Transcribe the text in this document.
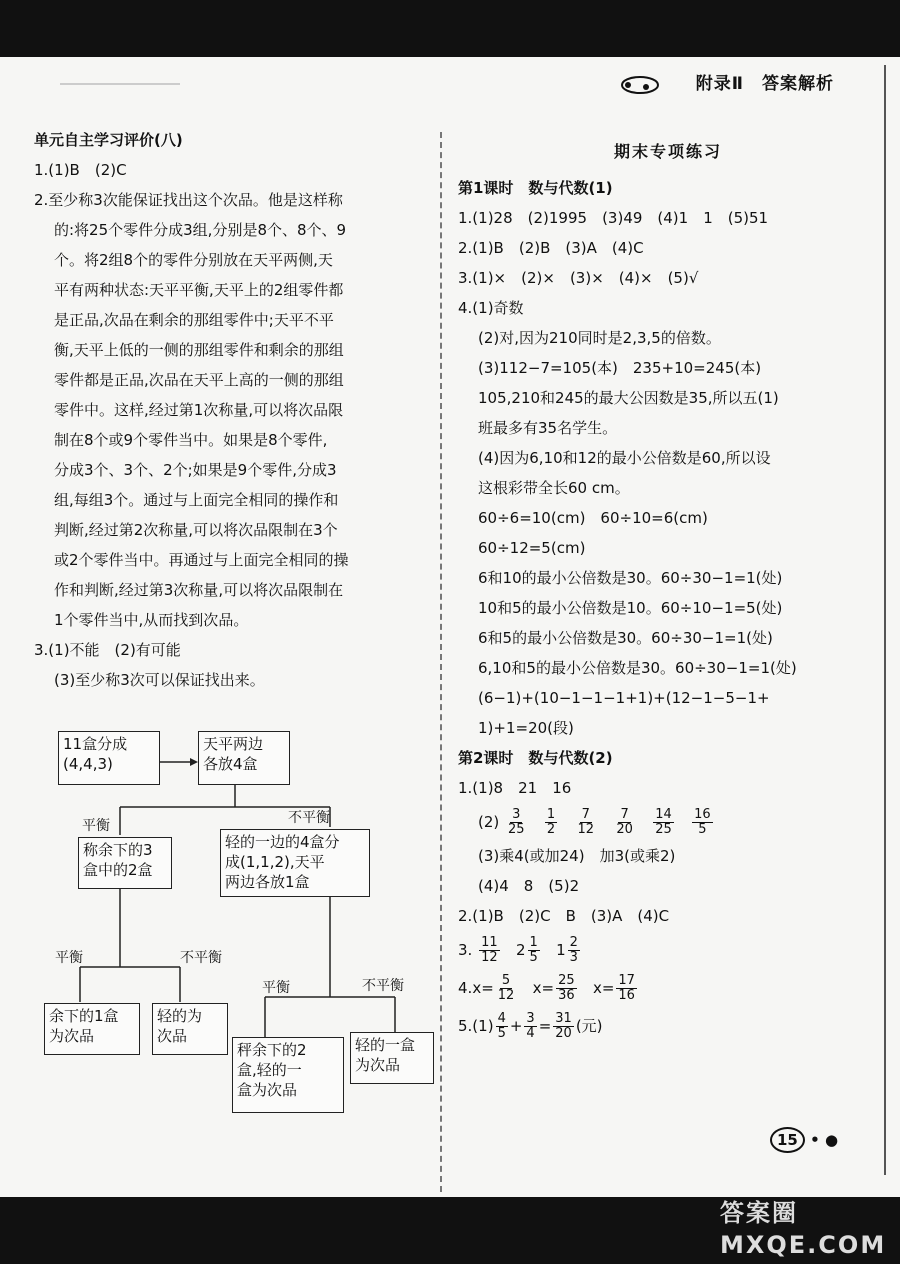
附录Ⅱ 答案解析

单元自主学习评价(八)

1.(1)B　(2)C

2.至少称3次能保证找出这个次品。他是这样称

的:将25个零件分成3组,分别是8个、8个、9

个。将2组8个的零件分别放在天平两侧,天

平有两种状态:天平平衡,天平上的2组零件都

是正品,次品在剩余的那组零件中;天平不平

衡,天平上低的一侧的那组零件和剩余的那组

零件都是正品,次品在天平上高的一侧的那组

零件中。这样,经过第1次称量,可以将次品限

制在8个或9个零件当中。如果是8个零件,

分成3个、3个、2个;如果是9个零件,分成3

组,每组3个。通过与上面完全相同的操作和

判断,经过第2次称量,可以将次品限制在3个

或2个零件当中。再通过与上面完全相同的操

作和判断,经过第3次称量,可以将次品限制在

1个零件当中,从而找到次品。

3.(1)不能　(2)有可能

(3)至少称3次可以保证找出来。

11盒分成
(4,4,3)
天平两边
各放4盒
平衡	不平衡
称余下的3
盒中的2盒
轻的一边的4盒分
成(1,1,2),天平
两边各放1盒
平衡	不平衡
余下的1盒
为次品
轻的为
次品
平衡	不平衡
秤余下的2
盒,轻的一
盒为次品
轻的一盒
为次品

期末专项练习

第1课时　数与代数(1)

1.(1)28　(2)1995　(3)49　(4)1　1　(5)51

2.(1)B　(2)B　(3)A　(4)C

3.(1)×　(2)×　(3)×　(4)×　(5)√

4.(1)奇数

(2)对,因为210同时是2,3,5的倍数。

(3)112−7=105(本)　235+10=245(本)

105,210和245的最大公因数是35,所以五(1)

班最多有35名学生。

(4)因为6,10和12的最小公倍数是60,所以设

这根彩带全长60 cm。

60÷6=10(cm)　60÷10=6(cm)

60÷12=5(cm)

6和10的最小公倍数是30。60÷30−1=1(处)

10和5的最小公倍数是10。60÷10−1=5(处)

6和5的最小公倍数是30。60÷30−1=1(处)

6,10和5的最小公倍数是30。60÷30−1=1(处)

(6−1)+(10−1−1−1+1)+(12−1−5−1+

1)+1=20(段)

第2课时　数与代数(2)

1.(1)8　21　16

$(2) \frac{3}{25}$
$\frac{1}{2}$
$\frac{7}{12}$
$\frac{7}{20}$
$\frac{14}{25}$
$\frac{16}{5}$

(3)乘4(或加24)　加3(或乘2)

(4)4　8　(5)2

2.(1)B　(2)C　B　(3)A　(4)C

3. $\frac{11}{12} 2 \frac{1}{5} 1 \frac{2}{3}$

$4.x= \frac{5}{12} x= \frac{25}{36} x= \frac{17}{16}$

$5.(1) \frac{4}{5} + \frac{3}{4} = \frac{31}{20}$ (元)

15 • ●
答案圈 MXQE.COM
